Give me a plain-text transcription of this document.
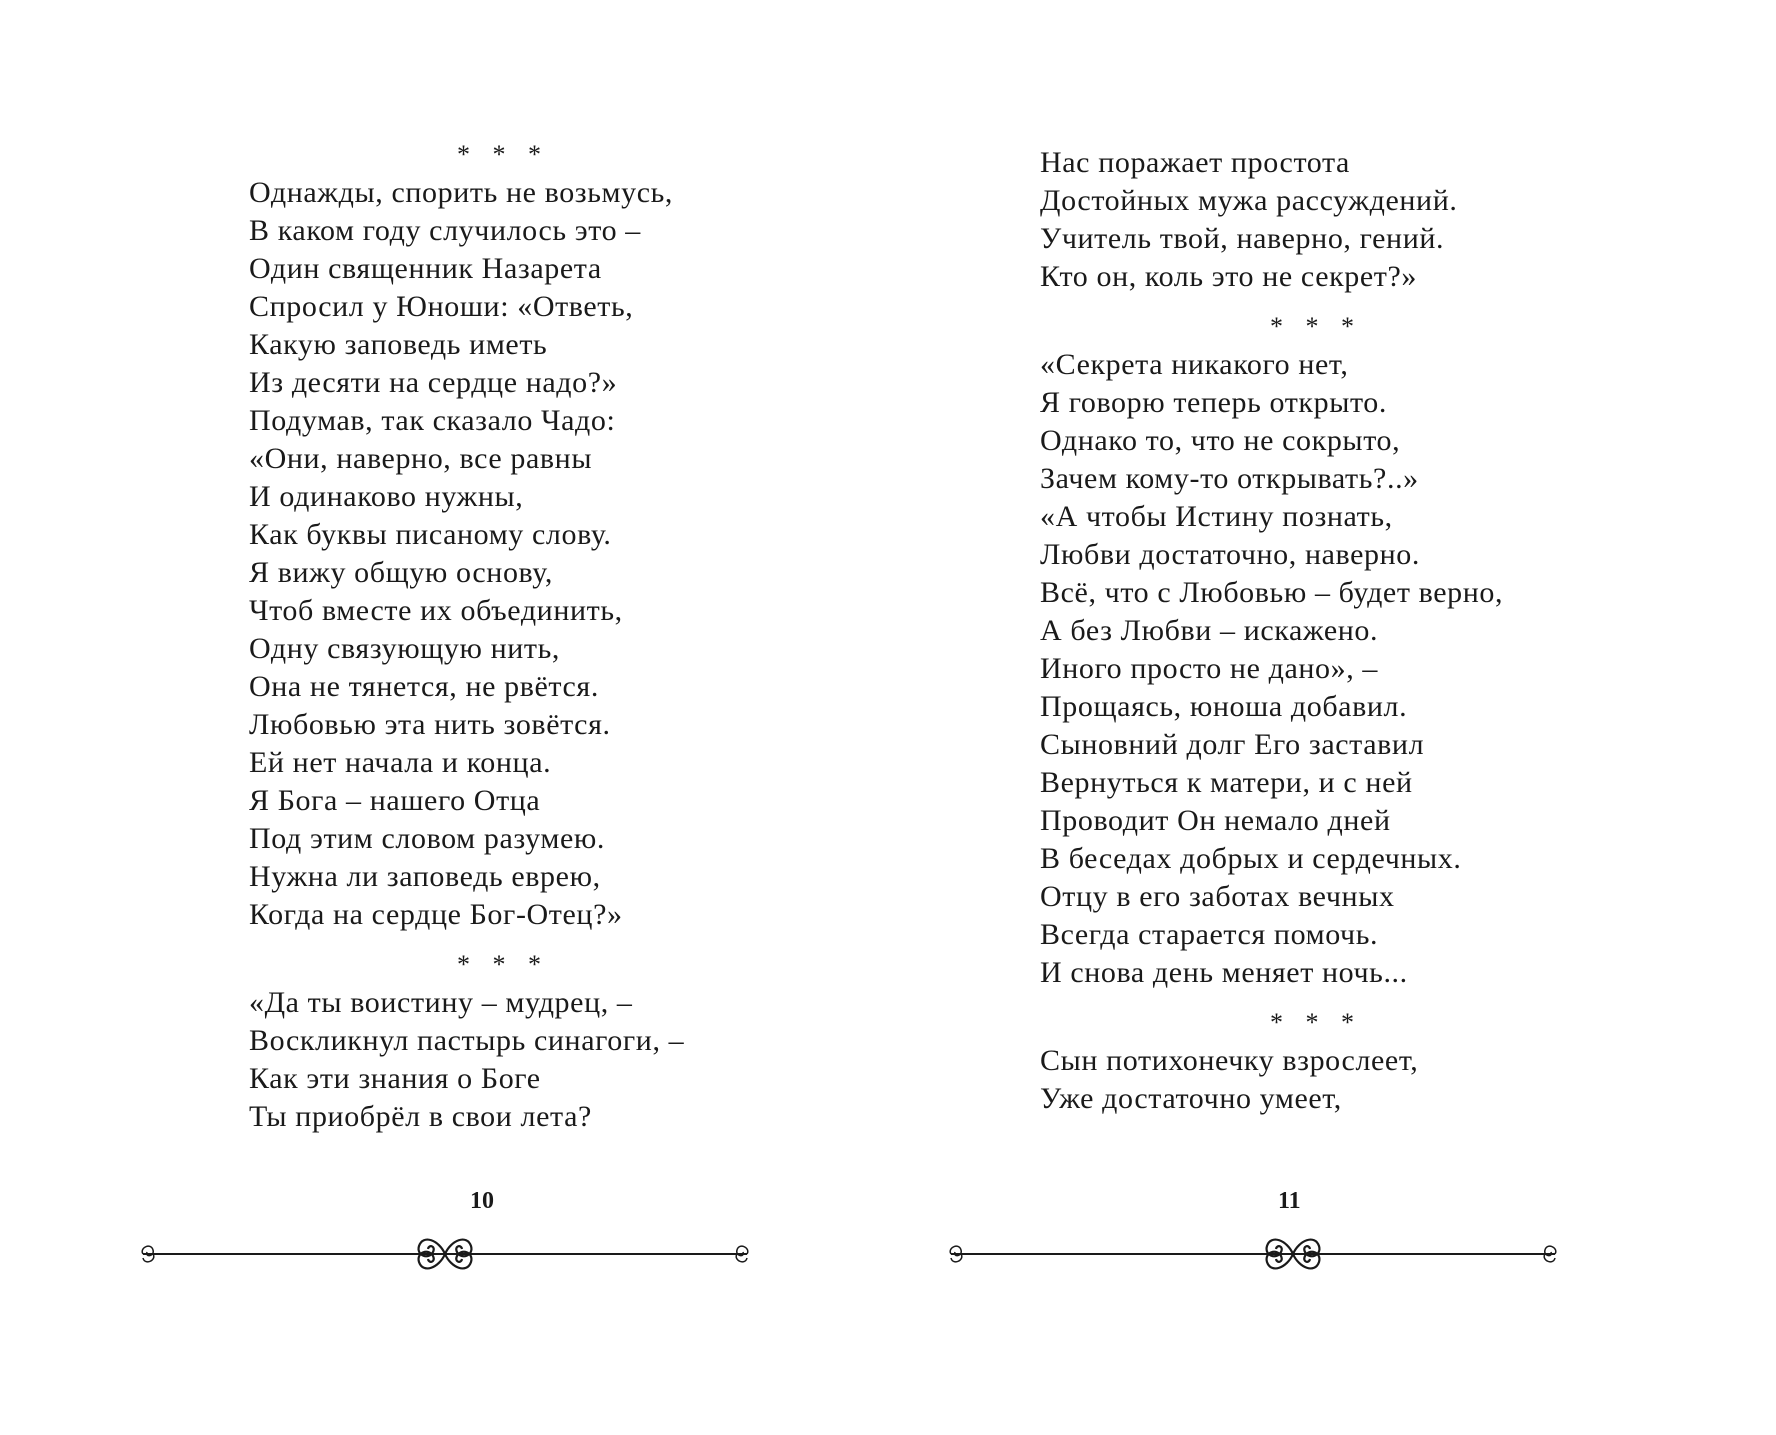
* * *
Однажды, спорить не возьмусь,
В каком году случилось это –
Один священник Назарета
Спросил у Юноши: «Ответь,
Какую заповедь иметь
Из десяти на сердце надо?»
Подумав, так сказало Чадо:
«Они, наверно, все равны
И одинаково нужны,
Как буквы писаному слову.
Я вижу общую основу,
Чтоб вместе их объединить,
Одну связующую нить,
Она не тянется, не рвётся.
Любовью эта нить зовётся.
Ей нет начала и конца.
Я Бога – нашего Отца
Под этим словом разумею.
Нужна ли заповедь еврею,
Когда на сердце Бог-Отец?»
* * *
«Да ты воистину – мудрец, –
Воскликнул пастырь синагоги, –
Как эти знания о Боге
Ты приобрёл в свои лета?
10
Нас поражает простота
Достойных мужа рассуждений.
Учитель твой, наверно, гений.
Кто он, коль это не секрет?»
* * *
«Секрета никакого нет,
Я говорю теперь открыто.
Однако то, что не сокрыто,
Зачем кому-то открывать?..»
«А чтобы Истину познать,
Любви достаточно, наверно.
Всё, что с Любовью – будет верно,
А без Любви – искажено.
Иного просто не дано», –
Прощаясь, юноша добавил.
Сыновний долг Его заставил
Вернуться к матери, и с ней
Проводит Он немало дней
В беседах добрых и сердечных.
Отцу в его заботах вечных
Всегда старается помочь.
И снова день меняет ночь...
* * *
Сын потихонечку взрослеет,
Уже достаточно умеет,
11
